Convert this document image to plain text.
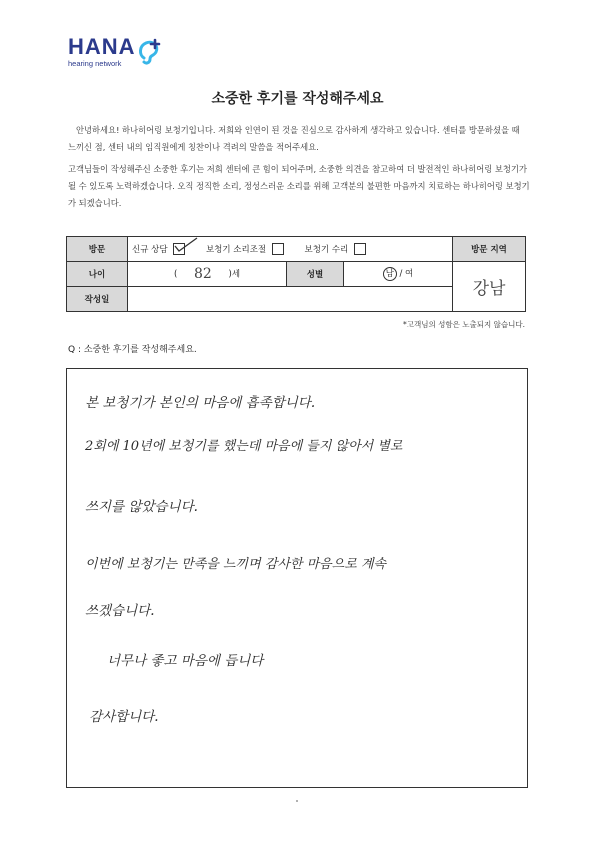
HANA
hearing network
소중한 후기를 작성해주세요
안녕하세요! 하나히어링 보청기입니다. 저희와 인연이 된 것을 진심으로 감사하게 생각하고 있습니다. 센터를 방문하셨을 때 느끼신 점, 센터 내의 임직원에게 칭찬이나 격려의 말씀을 적어주세요.
고객님들이 작성해주신 소중한 후기는 저희 센터에 큰 힘이 되어주며, 소중한 의견을 참고하여 더 발전적인 하나히어링 보청기가 될 수 있도록 노력하겠습니다. 오직 정직한 소리, 정성스러운 소리를 위해 고객분의 불편한 마음까지 치료하는 하나히어링 보청기가 되겠습니다.
방문	신규 상담 보청기 소리조절 보청기 수리			방문 지역
나이	( 82 )세	성별	남 / 여	강남
작성일				
*고객님의 성함은 노출되지 않습니다.
Q : 소중한 후기를 작성해주세요.
본 보청기가 본인의 마음에 흡족합니다.
2회에 10년에 보청기를 했는데 마음에 들지 않아서 별로
쓰지를 않았습니다.
이번에 보청기는 만족을 느끼며 감사한 마음으로 계속
쓰겠습니다.
너무나 좋고 마음에 듭니다
감사합니다.
